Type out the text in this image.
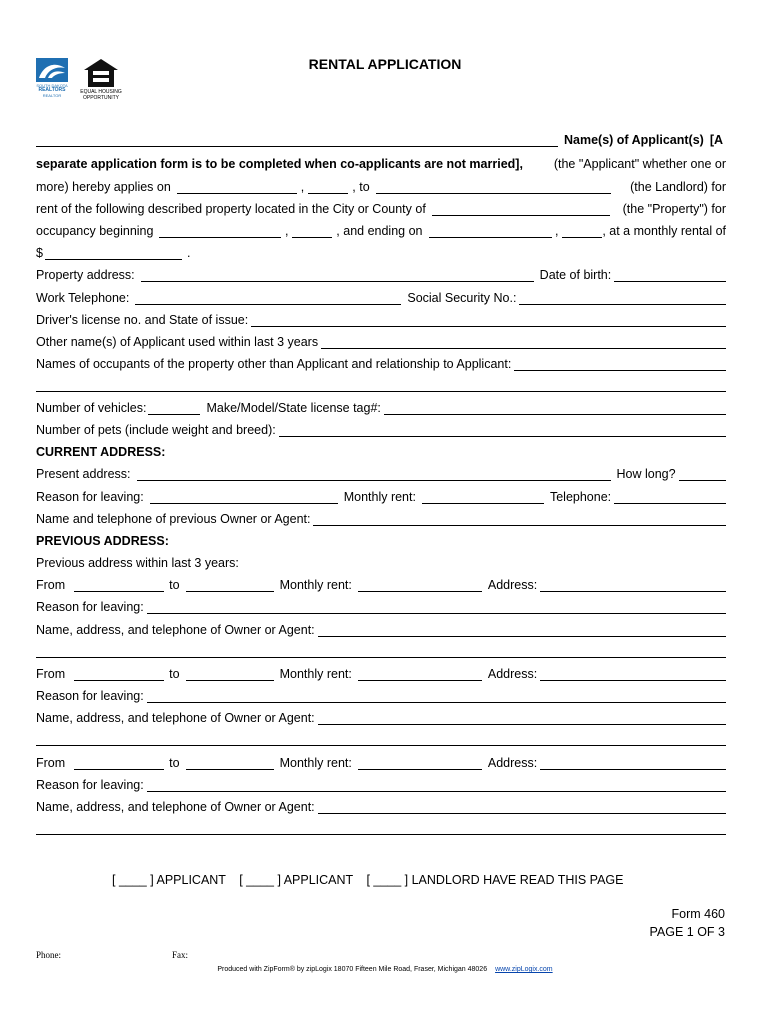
SOUTH DAKOTA
REALTORS
REALTOR
EQUAL HOUSING OPPORTUNITY
RENTAL APPLICATION
Name(s) of Applicant(s) [A
separate application form is to be completed when co-applicants are not married], (the "Applicant" whether one or
more) hereby applies on	,	, to	(the Landlord) for
rent of the following described property located in the City or County of	(the "Property") for
occupancy beginning	,	, and ending on	,	, at a monthly rental of
$	.
Property address:	Date of birth:
Work Telephone:	Social Security No.:
Driver's license no. and State of issue:
Other name(s) of Applicant used within last 3 years
Names of occupants of the property other than Applicant and relationship to Applicant:
Number of vehicles:	Make/Model/State license tag#:
Number of pets (include weight and breed):
CURRENT ADDRESS:
Present address:	How long?
Reason for leaving:	Monthly rent:	Telephone:
Name and telephone of previous Owner or Agent:
PREVIOUS ADDRESS:
Previous address within last 3 years:
From	to	Monthly rent:	Address:
Reason for leaving:
Name, address, and telephone of Owner or Agent:
From	to	Monthly rent:	Address:
Reason for leaving:
Name, address, and telephone of Owner or Agent:
From	to	Monthly rent:	Address:
Reason for leaving:
Name, address, and telephone of Owner or Agent:
[ ____ ] APPLICANT [ ____ ] APPLICANT [ ____ ] LANDLORD HAVE READ THIS PAGE
Form 460
PAGE 1 OF 3
Phone:	Fax:
Produced with ZipForm® by zipLogix 18070 Fifteen Mile Road, Fraser, Michigan 48026 www.zipLogix.com
